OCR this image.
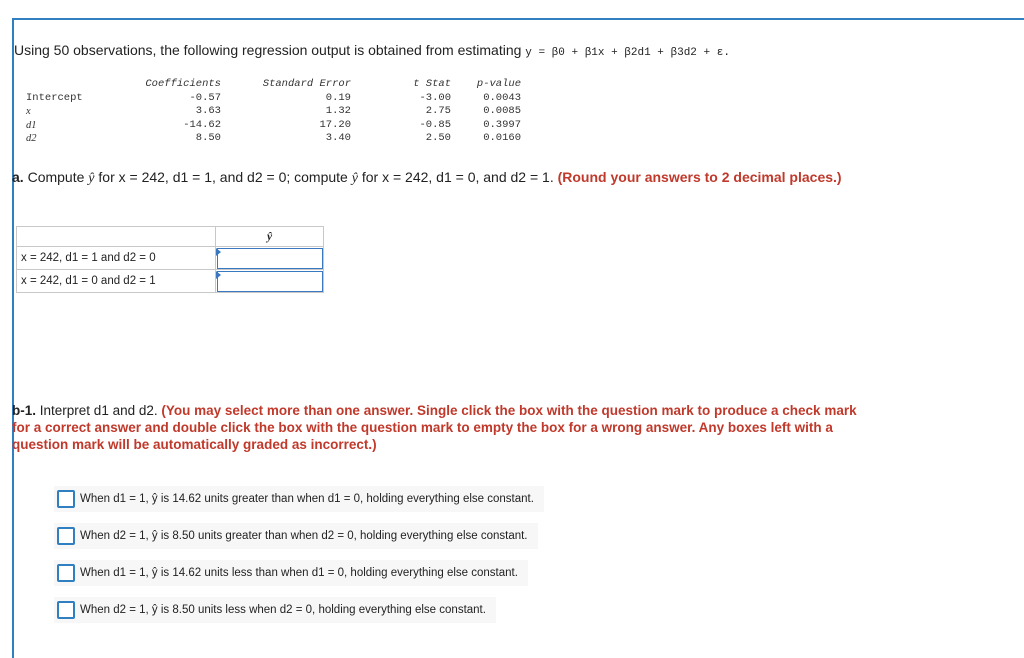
Using 50 observations, the following regression output is obtained from estimating y = β0 + β1x + β2d1 + β3d2 + ε.
	Coefficients	Standard Error	t Stat	p-value
Intercept	-0.57	0.19	-3.00	0.0043
x	3.63	1.32	2.75	0.0085
d1	-14.62	17.20	-0.85	0.3997
d2	8.50	3.40	2.50	0.0160
a. Compute ŷ for x = 242, d1 = 1, and d2 = 0; compute ŷ for x = 242, d1 = 0, and d2 = 1. (Round your answers to 2 decimal places.)
	ŷ
x = 242, d1 = 1 and d2 = 0	

x = 242, d1 = 0 and d2 = 1	
b-1. Interpret d1 and d2. (You may select more than one answer. Single click the box with the question mark to produce a check mark for a correct answer and double click the box with the question mark to empty the box for a wrong answer. Any boxes left with a question mark will be automatically graded as incorrect.)
When d1 = 1, ŷ is 14.62 units greater than when d1 = 0, holding everything else constant.
When d2 = 1, ŷ is 8.50 units greater than when d2 = 0, holding everything else constant.
When d1 = 1, ŷ is 14.62 units less than when d1 = 0, holding everything else constant.
When d2 = 1, ŷ is 8.50 units less when d2 = 0, holding everything else constant.
